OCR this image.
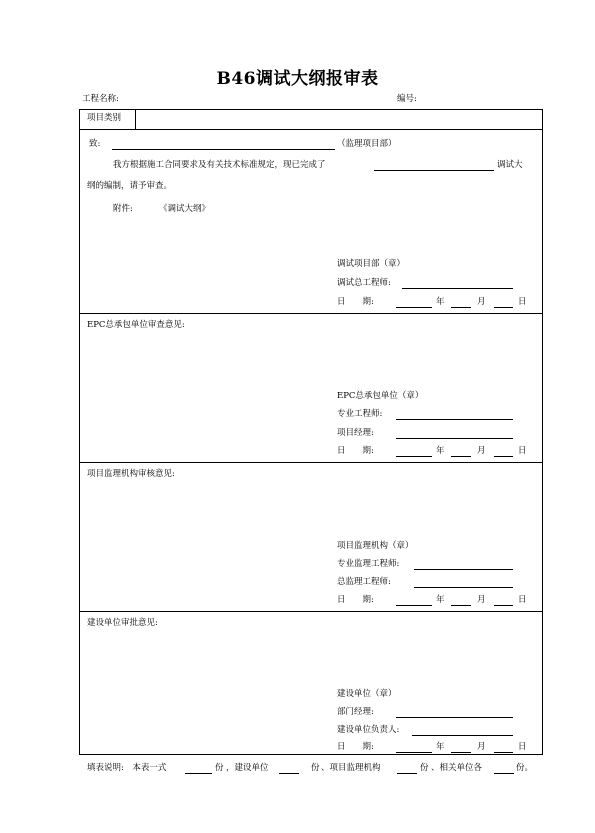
B46调试大纲报审表
工程名称:	编号:
项目类别
致:	（监理项目部）
我方根据施工合同要求及有关技术标准规定，现已完成了	调试大
纲的编制，请予审查。
附件:	《调试大纲》
调试项目部（章）
调试总工程师:
日　　期:	年	月	日
EPC总承包单位审查意见:
EPC总承包单位（章）
专业工程师:
项目经理:
日　　期:	年	月	日
项目监理机构审核意见:
项目监理机构（章）
专业监理工程师:
总监理工程师:
日　　期:	年	月	日
建设单位审批意见:
建设单位（章）
部门经理:
建设单位负责人:
日　　期:	年	月	日
填表说明:　本表一式	份 ，建设单位	份 、项目监理机构	份 、相关单位各	份。
